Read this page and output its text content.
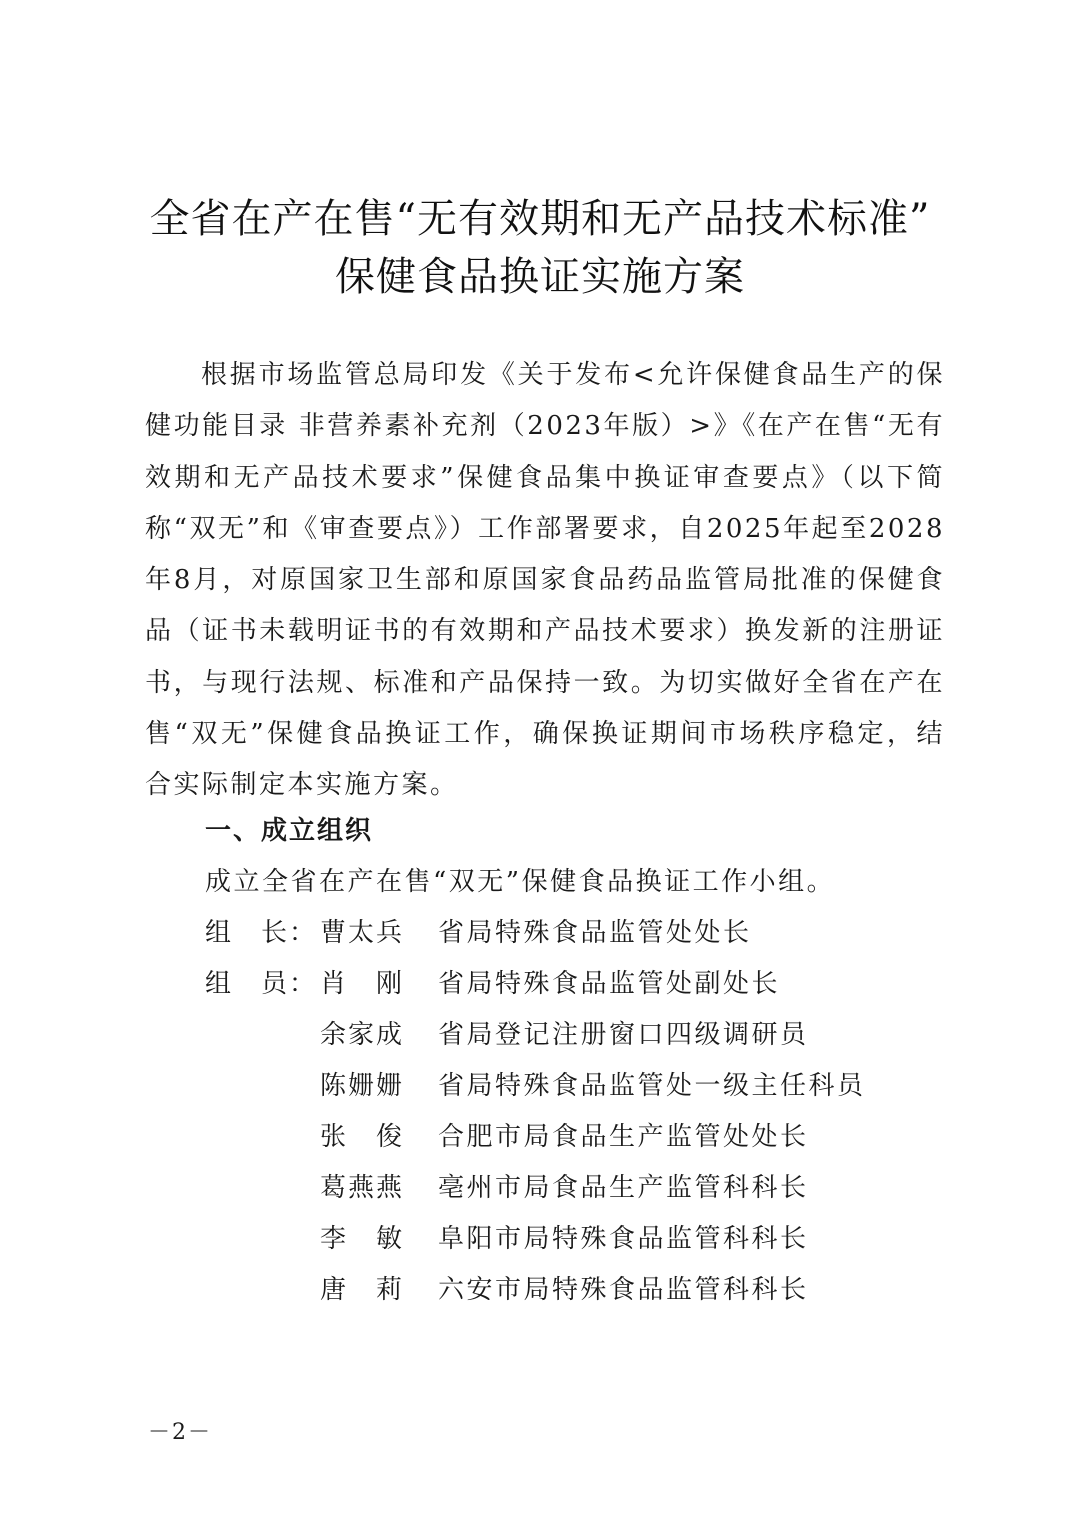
全省在产在售“无有效期和无产品技术标准”
保健食品换证实施方案

根据市场监管总局印发《关于发布<允许保健食品生产的保健功能目录 非营养素补充剂（2023年版）>》《在产在售“无有效期和无产品技术要求”保健食品集中换证审查要点》（以下简称“双无”和《审查要点》）工作部署要求，自2025年起至2028年8月，对原国家卫生部和原国家食品药品监管局批准的保健食品（证书未载明证书的有效期和产品技术要求）换发新的注册证书，与现行法规、标准和产品保持一致。为切实做好全省在产在售“双无”保健食品换证工作，确保换证期间市场秩序稳定，结合实际制定本实施方案。

一、成立组织

成立全省在产在售“双无”保健食品换证工作小组。

组　长： 曹太兵 省局特殊食品监管处处长
组　员： 肖　刚 省局特殊食品监管处副处长
余家成 省局登记注册窗口四级调研员
陈姗姗 省局特殊食品监管处一级主任科员
张　俊 合肥市局食品生产监管处处长
葛燕燕 亳州市局食品生产监管科科长
李　敏 阜阳市局特殊食品监管科科长
唐　莉 六安市局特殊食品监管科科长

－2－
